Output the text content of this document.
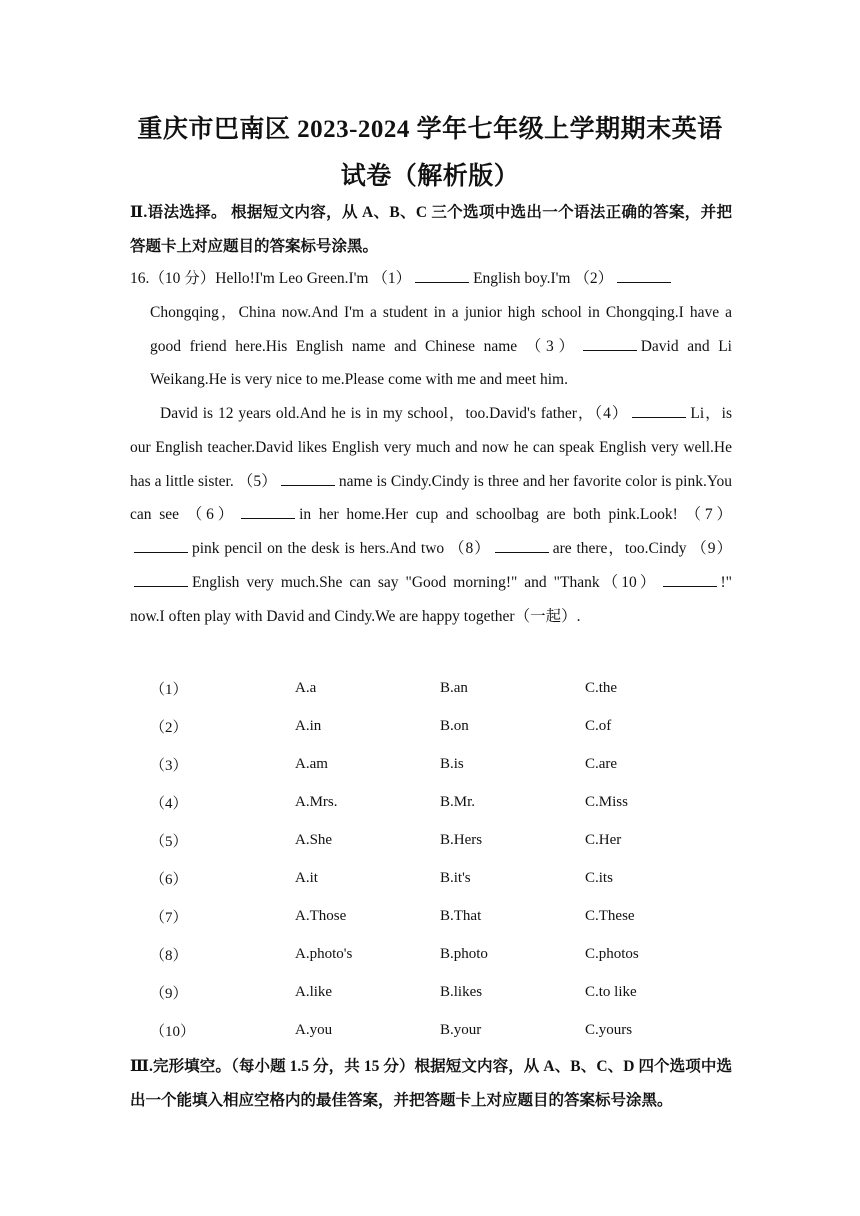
重庆市巴南区 2023-2024 学年七年级上学期期末英语试卷（解析版）
Ⅱ.语法选择。 根据短文内容，从 A、B、C 三个选项中选出一个语法正确的答案，并把答题卡上对应题目的答案标号涂黑。
16.（10 分）Hello!I'm Leo Green.I'm （1）	English boy.I'm （2）
Chongqing，China now.And I'm a student in a junior high school in Chongqing.I have a good friend here.His English name and Chinese name （3）	David and Li Weikang.He is very nice to me.Please come with me and meet him.
David is 12 years old.And he is in my school，too.David's father，（4）	Li，is our English teacher.David likes English very much and now he can speak English very well.He has a little sister. （5）	name is Cindy.Cindy is three and her favorite color is pink.You can see （6）	in her home.Her cup and schoolbag are both pink.Look! （7）pink pencil on the desk is hers.And two （8）	are there，too.Cindy （9）English very much.She can say "Good morning!" and "Thank（10）	!" now.I often play with David and Cindy.We are happy together（一起）.
（1）	A.a	B.an	C.the
（2）	A.in	B.on	C.of
（3）	A.am	B.is	C.are
（4）	A.Mrs.	B.Mr.	C.Miss
（5）	A.She	B.Hers	C.Her
（6）	A.it	B.it's	C.its
（7）	A.Those	B.That	C.These
（8）	A.photo's	B.photo	C.photos
（9）	A.like	B.likes	C.to like
（10）	A.you	B.your	C.yours
Ⅲ.完形填空。（每小题 1.5 分，共 15 分）根据短文内容，从 A、B、C、D 四个选项中选出一个能填入相应空格内的最佳答案，并把答题卡上对应题目的答案标号涂黑。
